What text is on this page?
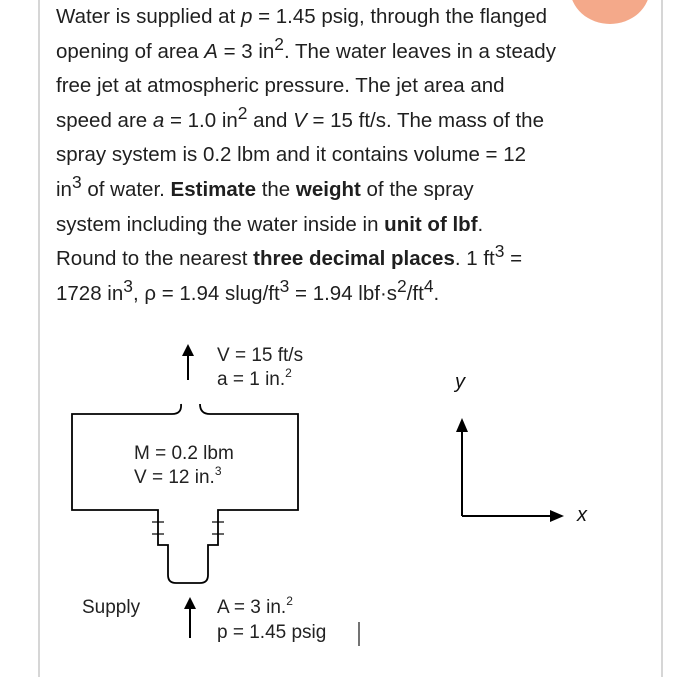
Water is supplied at p = 1.45 psig, through the flanged
opening of area A = 3 $in^2$. The water leaves in a steady
free jet at atmospheric pressure. The jet area and
speed are a = 1.0 $in^2$ and V = 15 ft/s. The mass of the
spray system is 0.2 lbm and it contains volume = 12
$in^3$ of water. Estimate the weight of the spray
system including the water inside in unit of lbf.
Round to the nearest three decimal places. 1 $ft^3$ =
1728 $in^3$, ρ = 1.94 slug/$ft^3 = 1.94$ $lbf\cdot s^2/ft^4$.
V = 15 ft/s
a = 1 in.$^2$
M = 0.2 lbm
V = 12 in.$^3$
Supply	A = 3 in.$^2$
p = 1.45 psig
y
x
